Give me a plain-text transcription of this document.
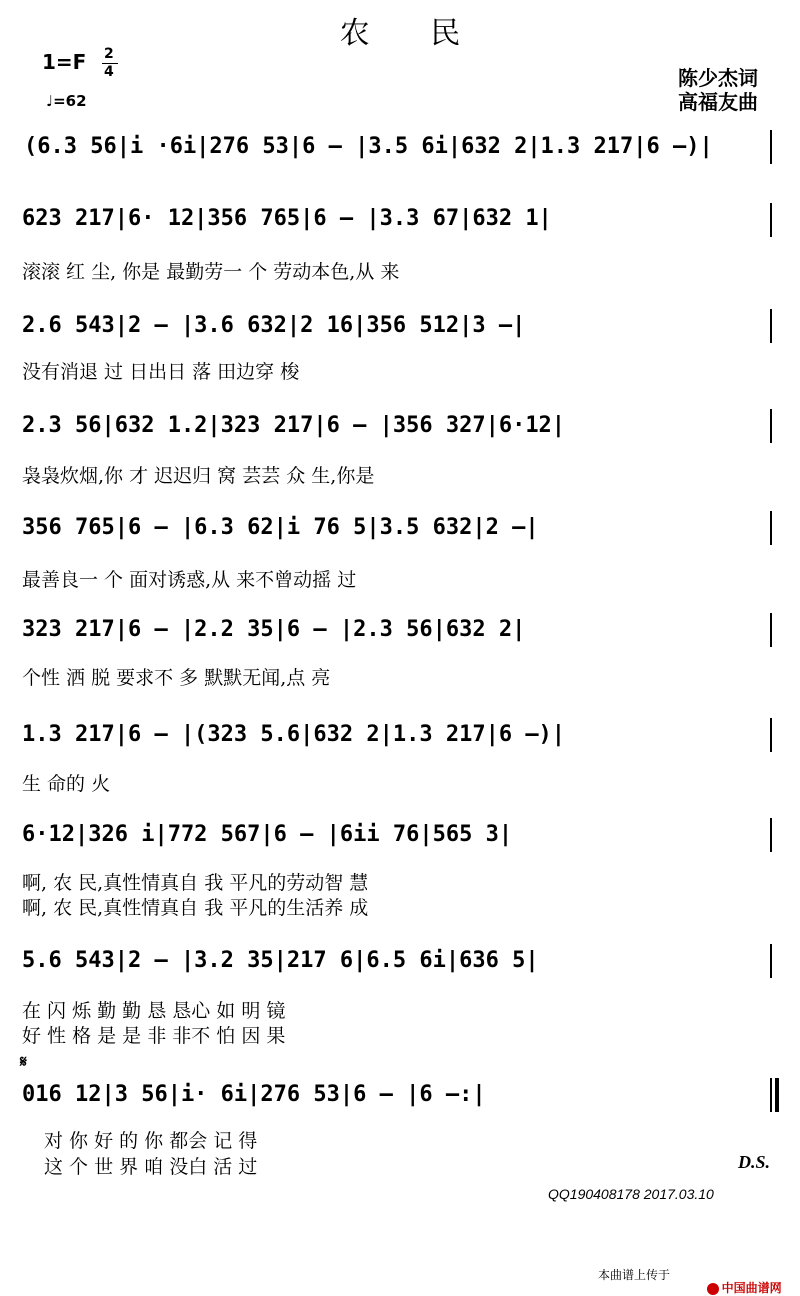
农　　民
1=F 2
4
♩=62
陈少杰词
高福友曲
(6.3 56|i ·6i|276 53|6 – |3.5 6i|632 2|1.3 217|6 –)|
623 217|6· 12|356 765|6 – |3.3 67|632 1|
滚滚 红 尘, 你是 最勤劳一 个 劳动本色,从 来
2.6 543|2 – |3.6 632|2 16|356 512|3 –|
没有消退 过 日出日 落 田边穿 梭
2.3 56|632 1.2|323 217|6 – |356 327|6·12|
袅袅炊烟,你 才 迟迟归 窝 芸芸 众 生,你是
356 765|6 – |6.3 62|i 76 5|3.5 632|2 –|
最善良一 个 面对诱惑,从 来不曾动摇 过
323 217|6 – |2.2 35|6 – |2.3 56|632 2|
个性 洒 脱 要求不 多 默默无闻,点 亮
1.3 217|6 – |(323 5.6|632 2|1.3 217|6 –)|
生 命的 火
6·12|326 i|772 567|6 – |6ii 76|565 3|
啊, 农 民,真性情真自 我 平凡的劳动智 慧
啊, 农 民,真性情真自 我 平凡的生活养 成
5.6 543|2 – |3.2 35|217 6|6.5 6i|636 5|
在 闪 烁 勤 勤 恳 恳心 如 明 镜
好 性 格 是 是 非 非不 怕 因 果
𝄋
016 12|3 56|i· 6i|276 53|6 – |6 –:|
对 你 好 的 你 都会 记 得
这 个 世 界 咱 没白 活 过	D.S.
QQ190408178 2017.03.10
本曲谱上传于

中国曲谱网
